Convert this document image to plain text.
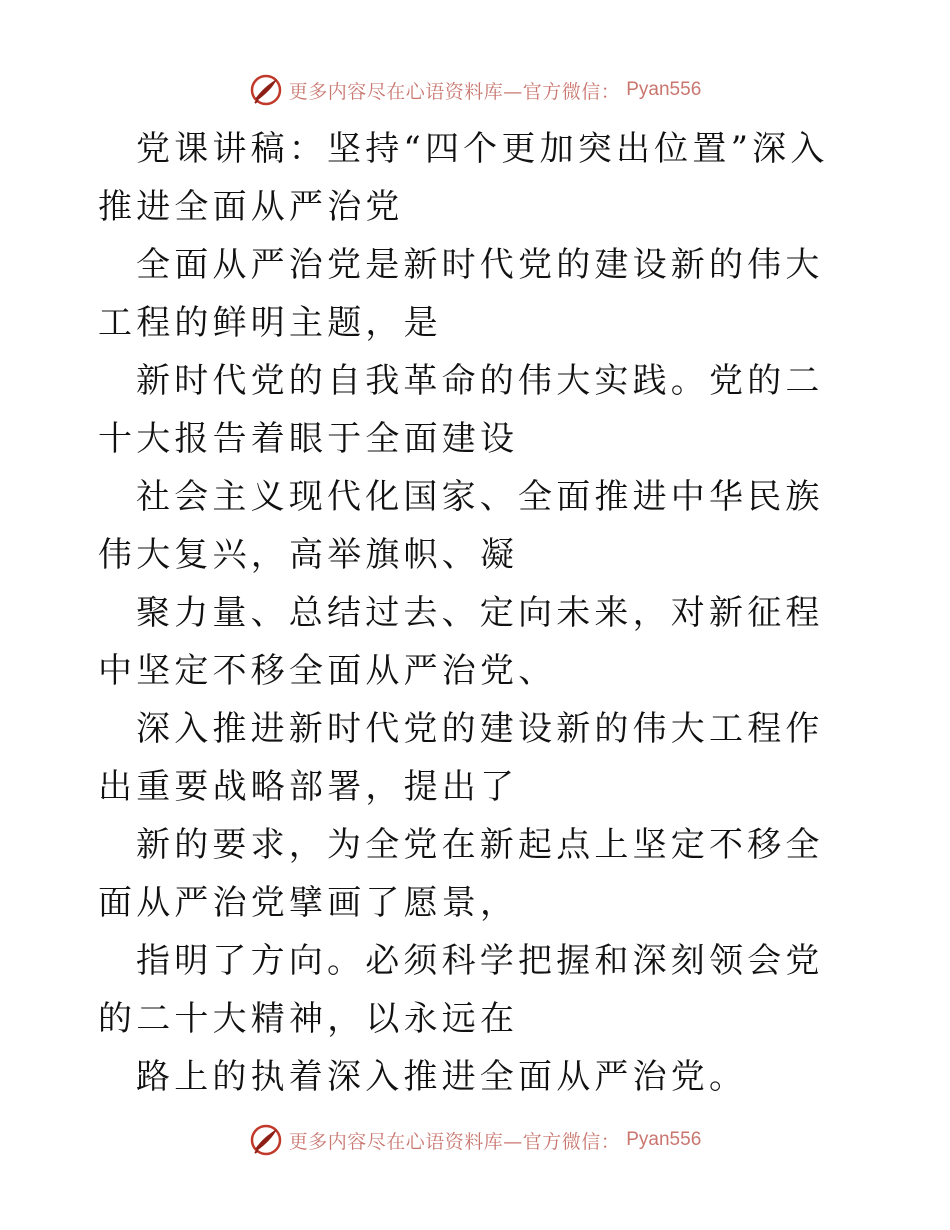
更多内容尽在心语资料库—官方微信： Pyan556

党课讲稿：坚持“四个更加突出位置”深入推进全面从严治党

全面从严治党是新时代党的建设新的伟大工程的鲜明主题，是

新时代党的自我革命的伟大实践。党的二十大报告着眼于全面建设

社会主义现代化国家、全面推进中华民族伟大复兴，高举旗帜、凝

聚力量、总结过去、定向未来，对新征程中坚定不移全面从严治党、

深入推进新时代党的建设新的伟大工程作出重要战略部署，提出了

新的要求，为全党在新起点上坚定不移全面从严治党擘画了愿景，

指明了方向。必须科学把握和深刻领会党的二十大精神，以永远在

路上的执着深入推进全面从严治党。

更多内容尽在心语资料库—官方微信： Pyan556
